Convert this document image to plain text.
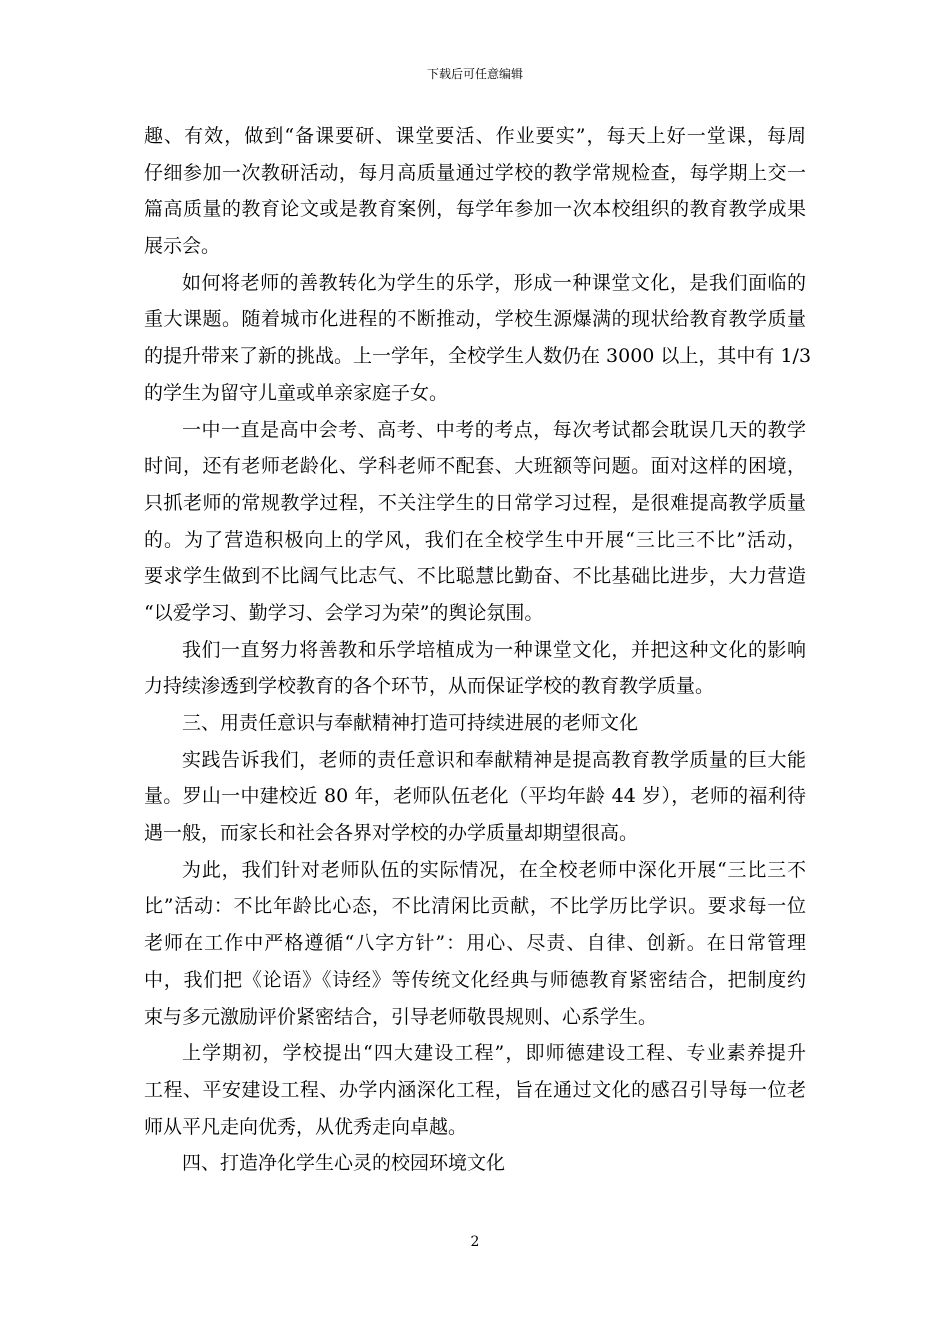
下载后可任意编辑
趣、有效，做到“备课要研、课堂要活、作业要实”，每天上好一堂课，每周
仔细参加一次教研活动，每月高质量通过学校的教学常规检查，每学期上交一
篇高质量的教育论文或是教育案例，每学年参加一次本校组织的教育教学成果
展示会。
如何将老师的善教转化为学生的乐学，形成一种课堂文化，是我们面临的
重大课题。随着城市化进程的不断推动，学校生源爆满的现状给教育教学质量
的提升带来了新的挑战。上一学年，全校学生人数仍在 3000 以上，其中有 1/3
的学生为留守儿童或单亲家庭子女。
一中一直是高中会考、高考、中考的考点，每次考试都会耽误几天的教学
时间，还有老师老龄化、学科老师不配套、大班额等问题。面对这样的困境，
只抓老师的常规教学过程，不关注学生的日常学习过程，是很难提高教学质量
的。为了营造积极向上的学风，我们在全校学生中开展“三比三不比”活动，
要求学生做到不比阔气比志气、不比聪慧比勤奋、不比基础比进步，大力营造
“以爱学习、勤学习、会学习为荣”的舆论氛围。
我们一直努力将善教和乐学培植成为一种课堂文化，并把这种文化的影响
力持续渗透到学校教育的各个环节，从而保证学校的教育教学质量。
三、用责任意识与奉献精神打造可持续进展的老师文化
实践告诉我们，老师的责任意识和奉献精神是提高教育教学质量的巨大能
量。罗山一中建校近 80 年，老师队伍老化（平均年龄 44 岁），老师的福利待
遇一般，而家长和社会各界对学校的办学质量却期望很高。
为此，我们针对老师队伍的实际情况，在全校老师中深化开展“三比三不
比”活动：不比年龄比心态，不比清闲比贡献，不比学历比学识。要求每一位
老师在工作中严格遵循“八字方针”：用心、尽责、自律、创新。在日常管理
中，我们把《论语》《诗经》等传统文化经典与师德教育紧密结合，把制度约
束与多元激励评价紧密结合，引导老师敬畏规则、心系学生。
上学期初，学校提出“四大建设工程”，即师德建设工程、专业素养提升
工程、平安建设工程、办学内涵深化工程，旨在通过文化的感召引导每一位老
师从平凡走向优秀，从优秀走向卓越。
四、打造净化学生心灵的校园环境文化
2
